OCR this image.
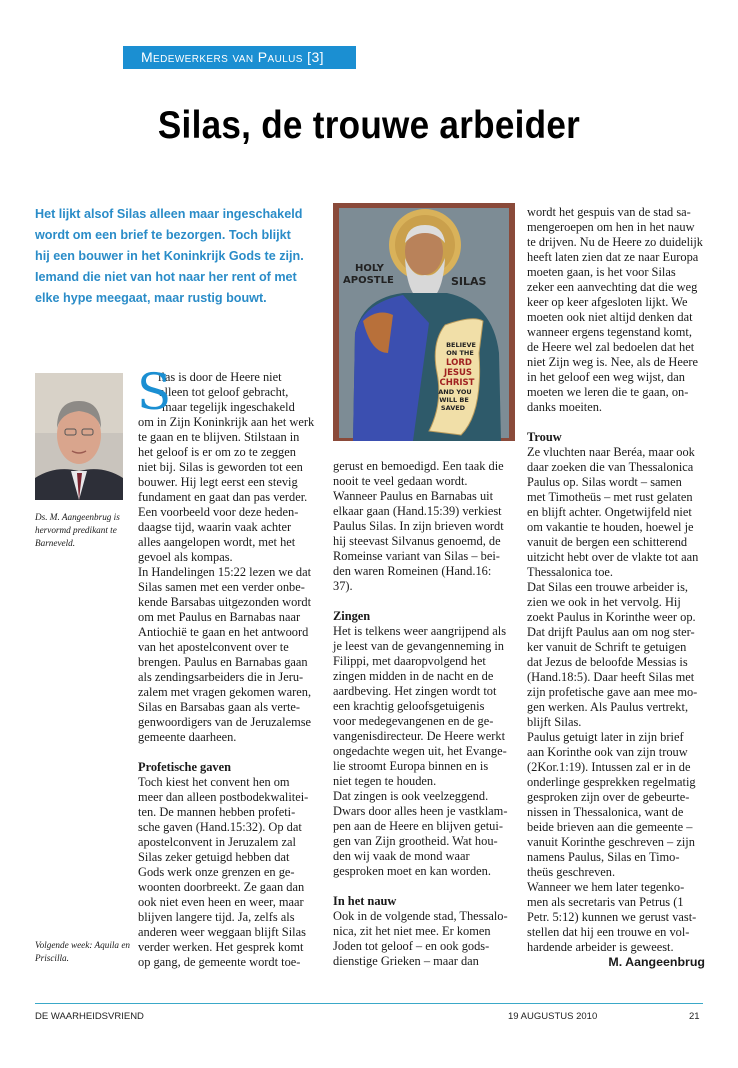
Medewerkers van Paulus [3]
Silas, de trouwe arbeider
Het lijkt alsof Silas alleen maar ingeschakeld
wordt om een brief te bezorgen. Toch blijkt
hij een bouwer in het Koninkrijk Gods te zijn.
Iemand die niet van hot naar her rent of met
elke hype meegaat, maar rustig bouwt.
Ds. M. Aangeenbrug is hervormd predikant te Barneveld.
Volgende week: Aquila en Priscilla.
HOLY
APOSTLE	SILAS
BELIEVE
ON THE
LORD
JESUS
CHRIST
AND YOU
WILL BE
SAVED
S
ilas is door de Heere niet
alleen tot geloof gebracht,
maar tegelijk ingeschakeld
om in Zijn Koninkrijk aan het werk
te gaan en te blijven. Stilstaan in
het geloof is er om zo te zeggen
niet bij. Silas is geworden tot een
bouwer. Hij legt eerst een stevig
fundament en gaat dan pas verder.
Een voorbeeld voor deze heden-
daagse tijd, waarin vaak achter
alles aangelopen wordt, met het
gevoel als kompas.
In Handelingen 15:22 lezen we dat
Silas samen met een verder onbe-
kende Barsabas uitgezonden wordt
om met Paulus en Barnabas naar
Antiochië te gaan en het antwoord
van het apostelconvent over te
brengen. Paulus en Barnabas gaan
als zendingsarbeiders die in Jeru-
zalem met vragen gekomen waren,
Silas en Barsabas gaan als verte-
genwoordigers van de Jeruzalemse
gemeente daarheen.
Profetische gaven
Toch kiest het convent hen om
meer dan alleen postbodekwalitei-
ten. De mannen hebben profeti-
sche gaven (Hand.15:32). Op dat
apostelconvent in Jeruzalem zal
Silas zeker getuigd hebben dat
Gods werk onze grenzen en ge-
woonten doorbreekt. Ze gaan dan
ook niet even heen en weer, maar
blijven langere tijd. Ja, zelfs als
anderen weer weggaan blijft Silas
verder werken. Het gesprek komt
op gang, de gemeente wordt toe-
gerust en bemoedigd. Een taak die
nooit te veel gedaan wordt.
Wanneer Paulus en Barnabas uit
elkaar gaan (Hand.15:39) verkiest
Paulus Silas. In zijn brieven wordt
hij steevast Silvanus genoemd, de
Romeinse variant van Silas – bei-
den waren Romeinen (Hand.16:
37).
Zingen
Het is telkens weer aangrijpend als
je leest van de gevangenneming in
Filippi, met daaropvolgend het
zingen midden in de nacht en de
aardbeving. Het zingen wordt tot
een krachtig geloofsgetuigenis
voor medegevangenen en de ge-
vangenisdirecteur. De Heere werkt
ongedachte wegen uit, het Evange-
lie stroomt Europa binnen en is
niet tegen te houden.
Dat zingen is ook veelzeggend.
Dwars door alles heen je vastklam-
pen aan de Heere en blijven getui-
gen van Zijn grootheid. Wat hou-
den wij vaak de mond waar
gesproken moet en kan worden.
In het nauw
Ook in de volgende stad, Thessalo-
nica, zit het niet mee. Er komen
Joden tot geloof – en ook gods-
dienstige Grieken – maar dan
wordt het gespuis van de stad sa-
mengeroepen om hen in het nauw
te drijven. Nu de Heere zo duidelijk
heeft laten zien dat ze naar Europa
moeten gaan, is het voor Silas
zeker een aanvechting dat die weg
keer op keer afgesloten lijkt. We
moeten ook niet altijd denken dat
wanneer ergens tegenstand komt,
de Heere wel zal bedoelen dat het
niet Zijn weg is. Nee, als de Heere
in het geloof een weg wijst, dan
moeten we leren die te gaan, on-
danks moeiten.
Trouw
Ze vluchten naar Beréa, maar ook
daar zoeken die van Thessalonica
Paulus op. Silas wordt – samen
met Timotheüs – met rust gelaten
en blijft achter. Ongetwijfeld niet
om vakantie te houden, hoewel je
vanuit de bergen een schitterend
uitzicht hebt over de vlakte tot aan
Thessalonica toe.
Dat Silas een trouwe arbeider is,
zien we ook in het vervolg. Hij
zoekt Paulus in Korinthe weer op.
Dat drijft Paulus aan om nog ster-
ker vanuit de Schrift te getuigen
dat Jezus de beloofde Messias is
(Hand.18:5). Daar heeft Silas met
zijn profetische gave aan mee mo-
gen werken. Als Paulus vertrekt,
blijft Silas.
Paulus getuigt later in zijn brief
aan Korinthe ook van zijn trouw
(2Kor.1:19). Intussen zal er in de
onderlinge gesprekken regelmatig
gesproken zijn over de gebeurte-
nissen in Thessalonica, want de
beide brieven aan die gemeente –
vanuit Korinthe geschreven – zijn
namens Paulus, Silas en Timo-
theüs geschreven.
Wanneer we hem later tegenko-
men als secretaris van Petrus (1
Petr. 5:12) kunnen we gerust vast-
stellen dat hij een trouwe en vol-
hardende arbeider is geweest.
M. Aangeenbrug
DE WAARHEIDSVRIEND	19 AUGUSTUS 2010	21
